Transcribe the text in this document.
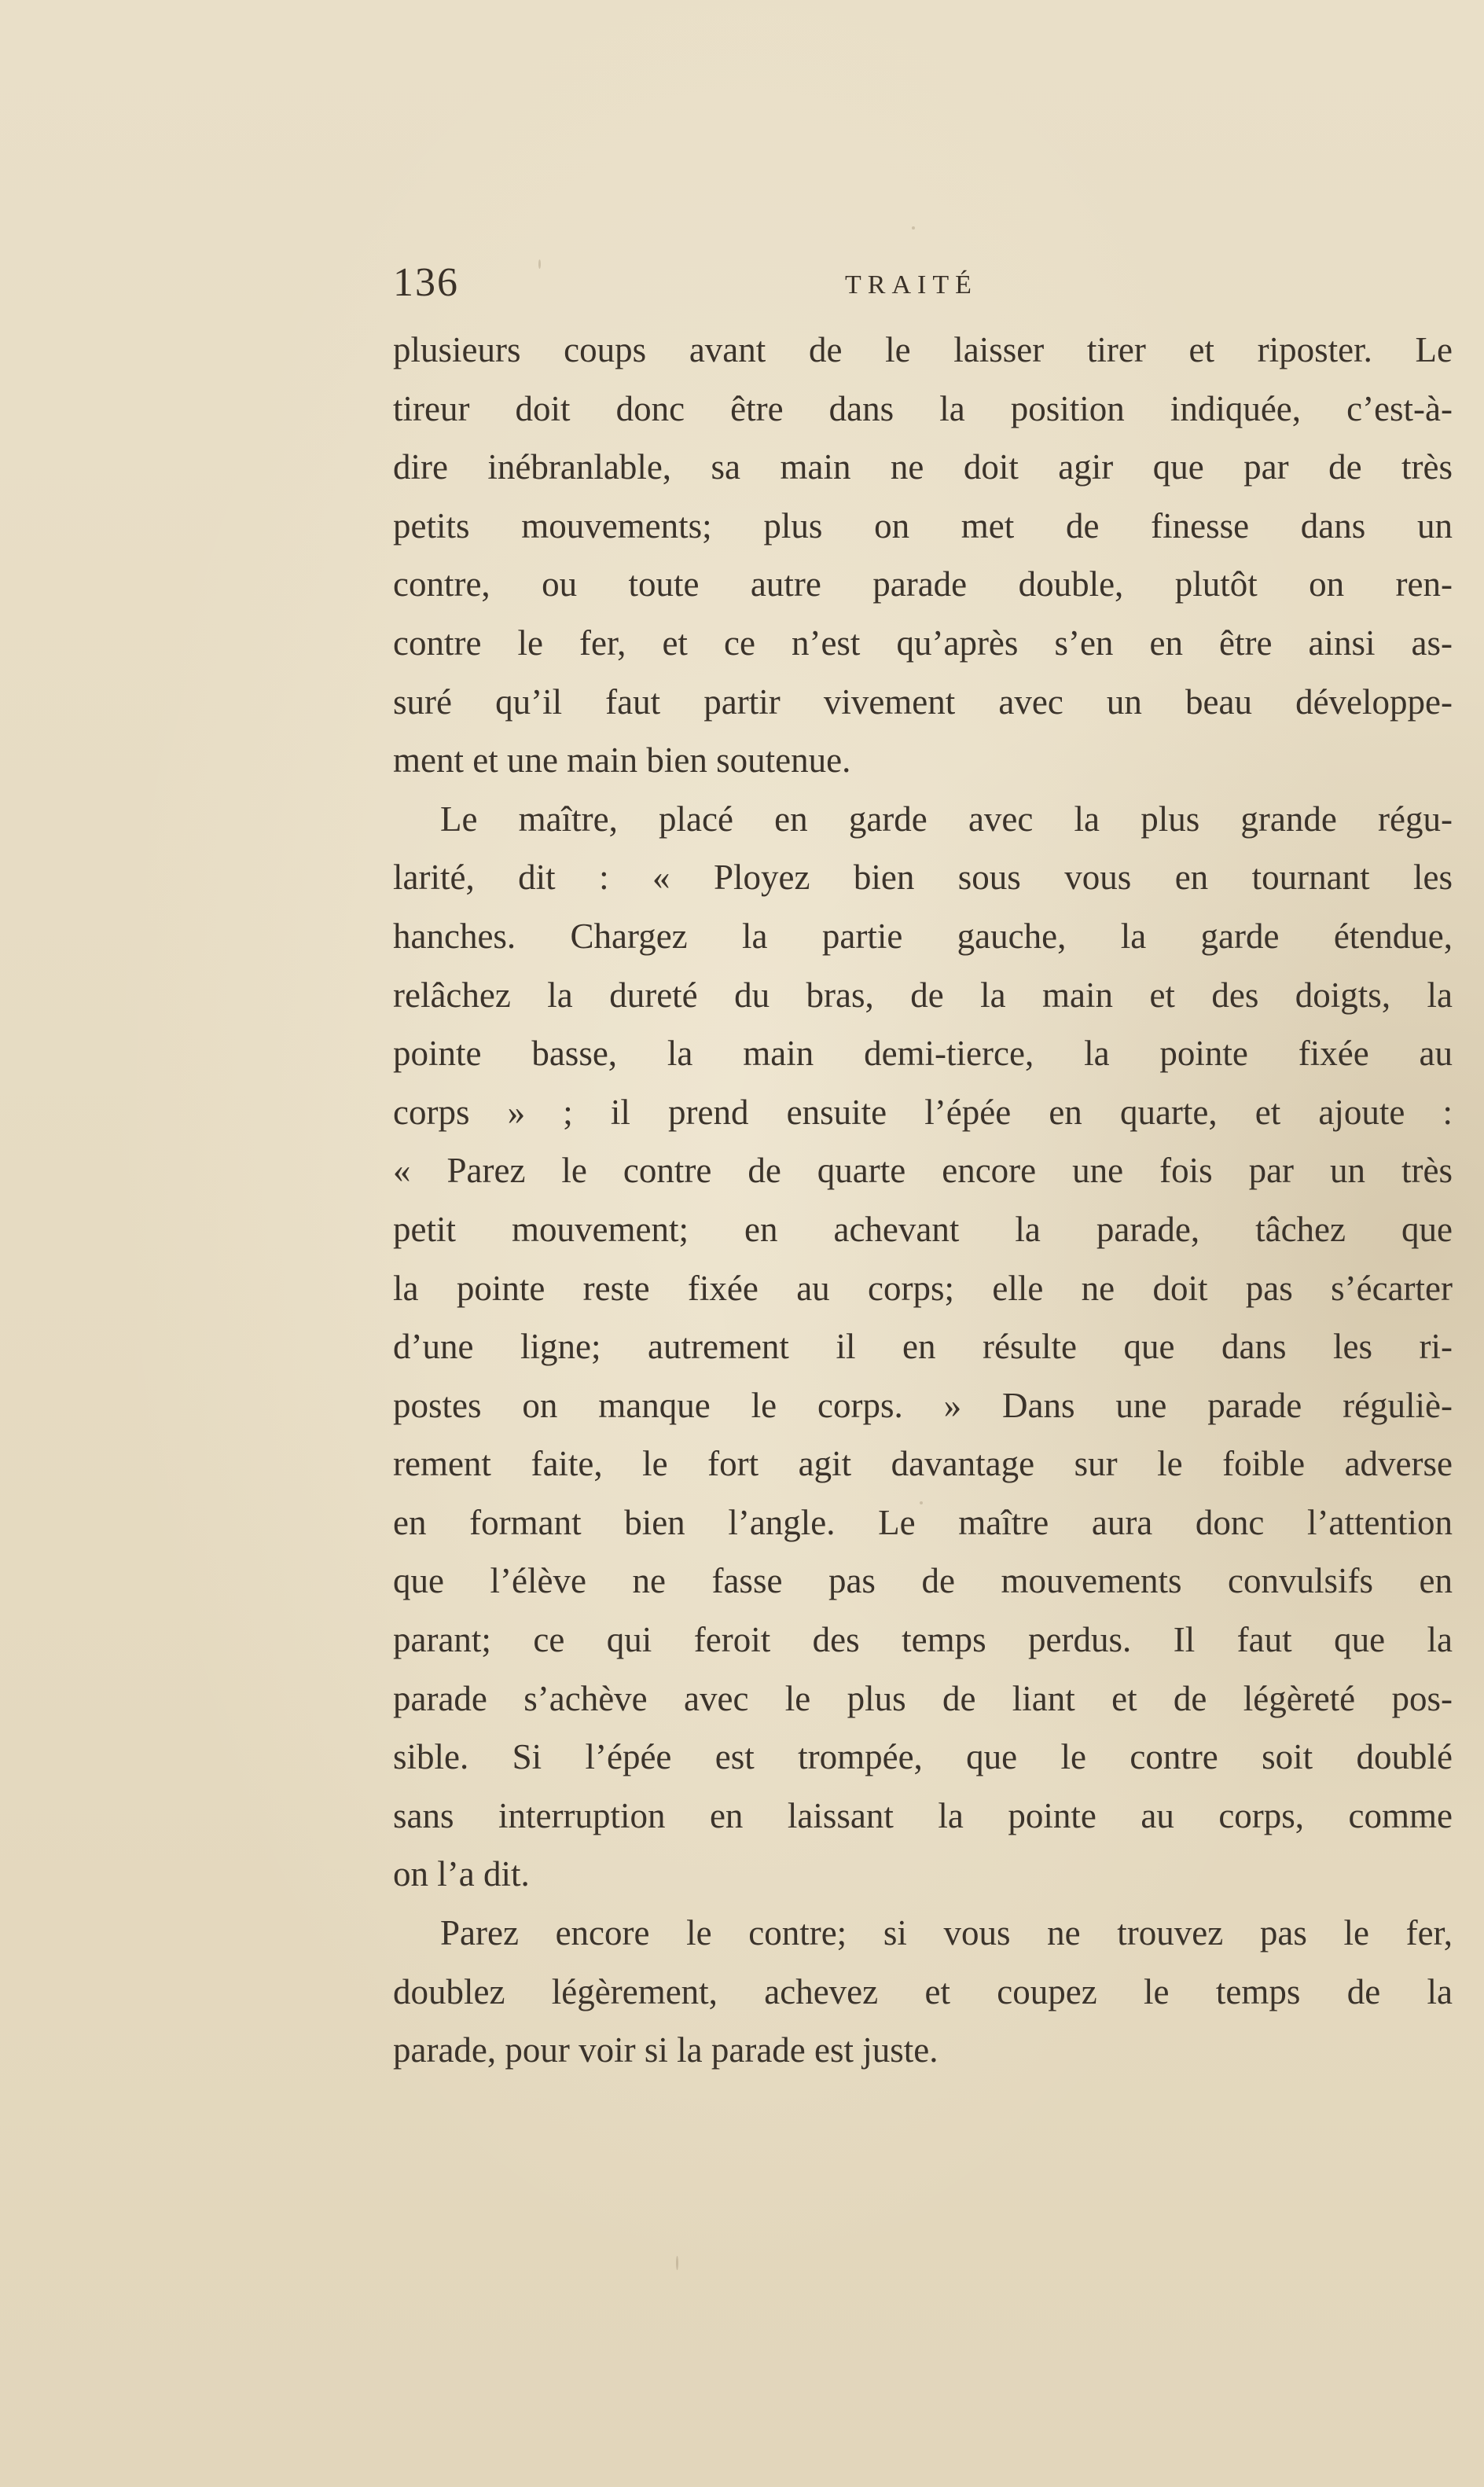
136	TRAITÉ
plusieurs coups avant de le laisser tirer et riposter. Le
tireur doit donc être dans la position indiquée, c’est-à-
dire inébranlable, sa main ne doit agir que par de très
petits mouvements; plus on met de finesse dans un
contre, ou toute autre parade double, plutôt on ren-
contre le fer, et ce n’est qu’après s’en en être ainsi as-
suré qu’il faut partir vivement avec un beau développe-
ment et une main bien soutenue.
Le maître, placé en garde avec la plus grande régu-
larité, dit : « Ployez bien sous vous en tournant les
hanches. Chargez la partie gauche, la garde étendue,
relâchez la dureté du bras, de la main et des doigts, la
pointe basse, la main demi-tierce, la pointe fixée au
corps » ; il prend ensuite l’épée en quarte, et ajoute :
« Parez le contre de quarte encore une fois par un très
petit mouvement; en achevant la parade, tâchez que
la pointe reste fixée au corps; elle ne doit pas s’écarter
d’une ligne; autrement il en résulte que dans les ri-
postes on manque le corps. » Dans une parade réguliè-
rement faite, le fort agit davantage sur le foible adverse
en formant bien l’angle. Le maître aura donc l’attention
que l’élève ne fasse pas de mouvements convulsifs en
parant; ce qui feroit des temps perdus. Il faut que la
parade s’achève avec le plus de liant et de légèreté pos-
sible. Si l’épée est trompée, que le contre soit doublé
sans interruption en laissant la pointe au corps, comme
on l’a dit.
Parez encore le contre; si vous ne trouvez pas le fer,
doublez légèrement, achevez et coupez le temps de la
parade, pour voir si la parade est juste.
